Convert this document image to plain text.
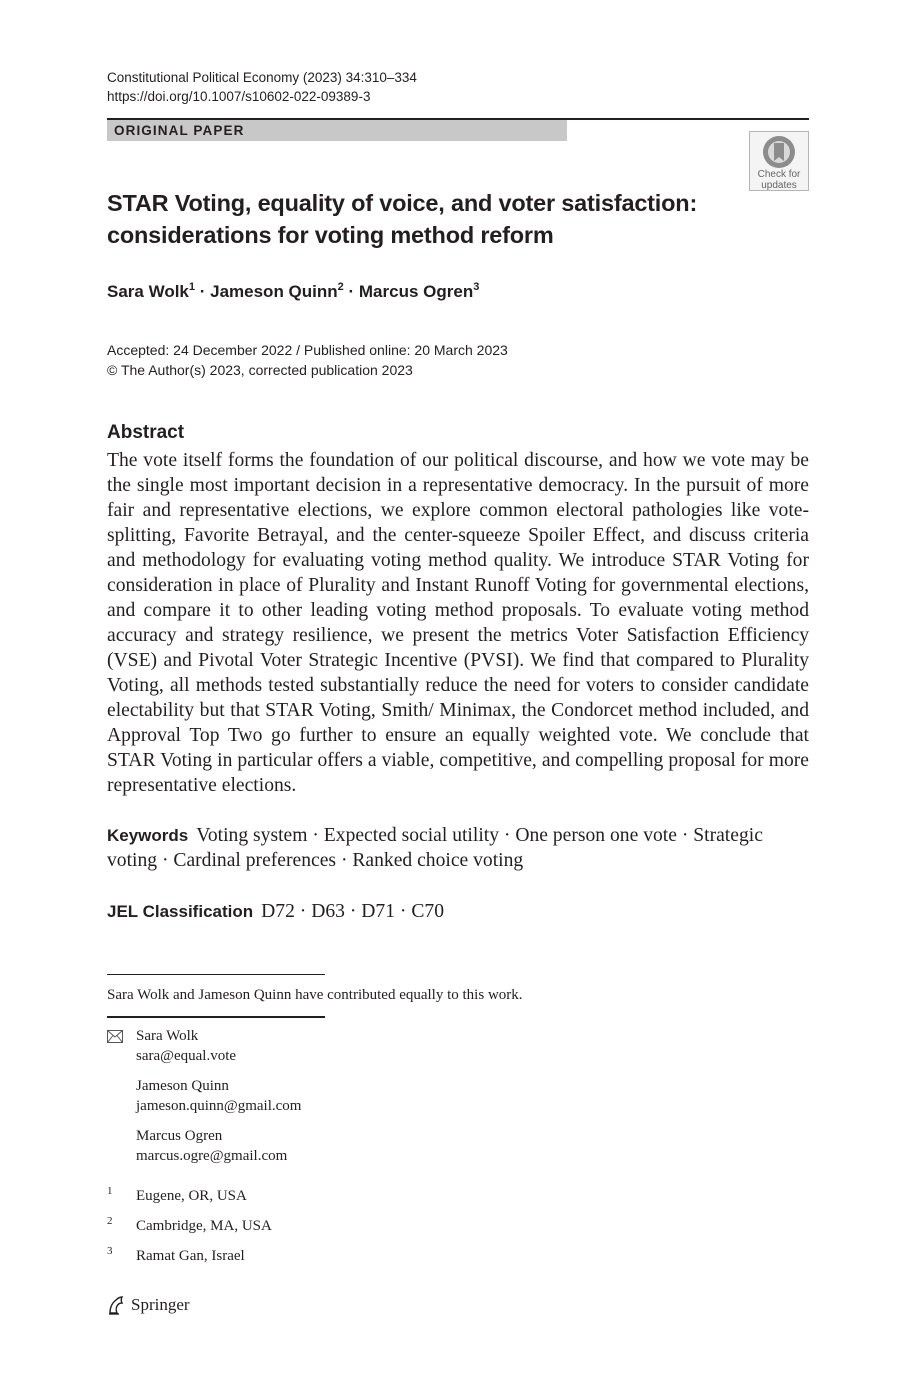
Constitutional Political Economy (2023) 34:310–334
https://doi.org/10.1007/s10602-022-09389-3
ORIGINAL PAPER
Check for
updates
STAR Voting, equality of voice, and voter satisfaction:
considerations for voting method reform
Sara Wolk$^1$ · Jameson Quinn$^2$ · Marcus Ogren$^3$
Accepted: 24 December 2022 / Published online: 20 March 2023
© The Author(s) 2023, corrected publication 2023
Abstract

The vote itself forms the foundation of our political discourse, and how we vote may be the single most important decision in a representative democracy. In the pursuit of more fair and representative elections, we explore common electoral pathologies like vote-splitting, Favorite Betrayal, and the center-squeeze Spoiler Effect, and discuss criteria and methodology for evaluating voting method quality. We introduce STAR Voting for consideration in place of Plurality and Instant Runoff Voting for governmental elections, and compare it to other leading voting method proposals. To evaluate voting method accuracy and strategy resilience, we present the metrics Voter Satisfaction Efficiency (VSE) and Pivotal Voter Strategic Incentive (PVSI). We find that compared to Plurality Voting, all methods tested substantially reduce the need for voters to consider candidate electability but that STAR Voting, Smith/ Minimax, the Condorcet method included, and Approval Top Two go further to ensure an equally weighted vote. We conclude that STAR Voting in particular offers a viable, competitive, and compelling proposal for more representative elections.

Keywords Voting system · Expected social utility · One person one vote · Strategic voting · Cardinal preferences · Ranked choice voting

JEL Classification D72 · D63 · D71 · C70
Sara Wolk and Jameson Quinn have contributed equally to this work.
Sara Wolk
sara@equal.vote
Jameson Quinn
jameson.quinn@gmail.com
Marcus Ogren
marcus.ogre@gmail.com
1 Eugene, OR, USA
2 Cambridge, MA, USA
3 Ramat Gan, Israel
Springer
